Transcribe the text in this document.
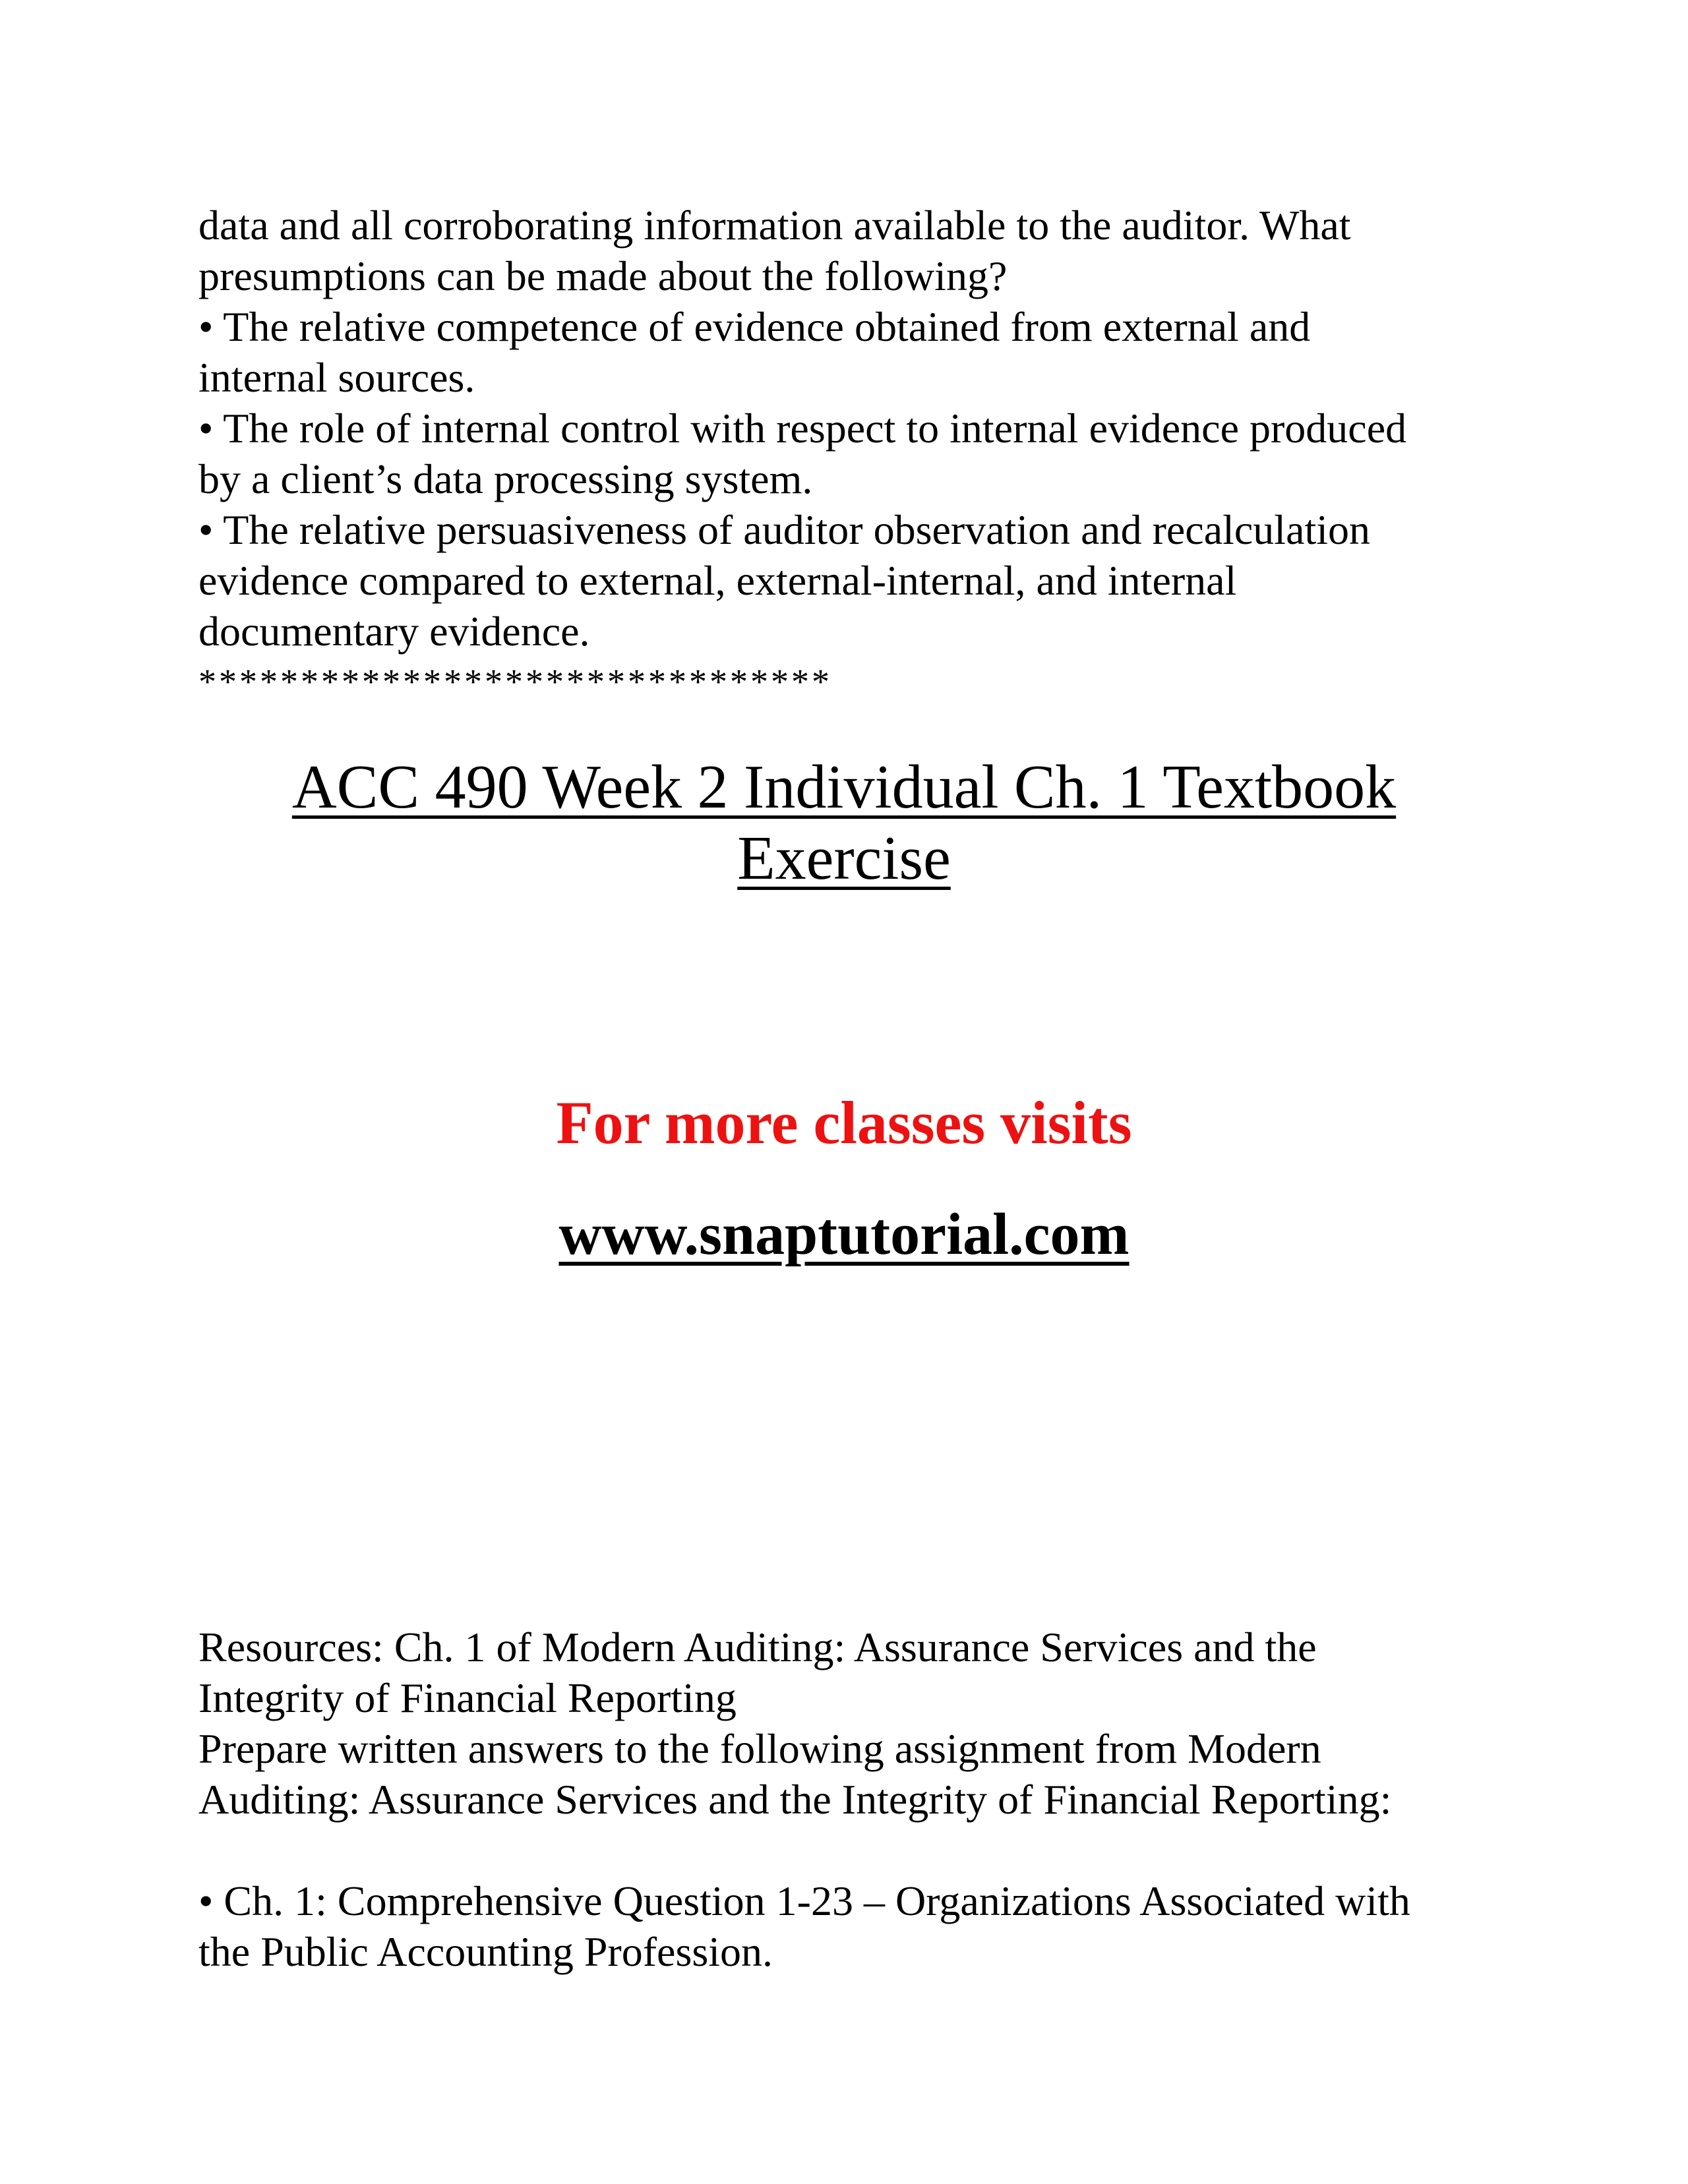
data and all corroborating information available to the auditor. What
presumptions can be made about the following?
• The relative competence of evidence obtained from external and
internal sources.
• The role of internal control with respect to internal evidence produced
by a client’s data processing system.
• The relative persuasiveness of auditor observation and recalculation
evidence compared to external, external-internal, and internal
documentary evidence.
*******************************
ACC 490 Week 2 Individual Ch. 1 Textbook
Exercise

For more classes visits

www.snaptutorial.com

Resources: Ch. 1 of Modern Auditing: Assurance Services and the
Integrity of Financial Reporting
Prepare written answers to the following assignment from Modern
Auditing: Assurance Services and the Integrity of Financial Reporting:
• Ch. 1: Comprehensive Question 1-23 – Organizations Associated with
the Public Accounting Profession.
